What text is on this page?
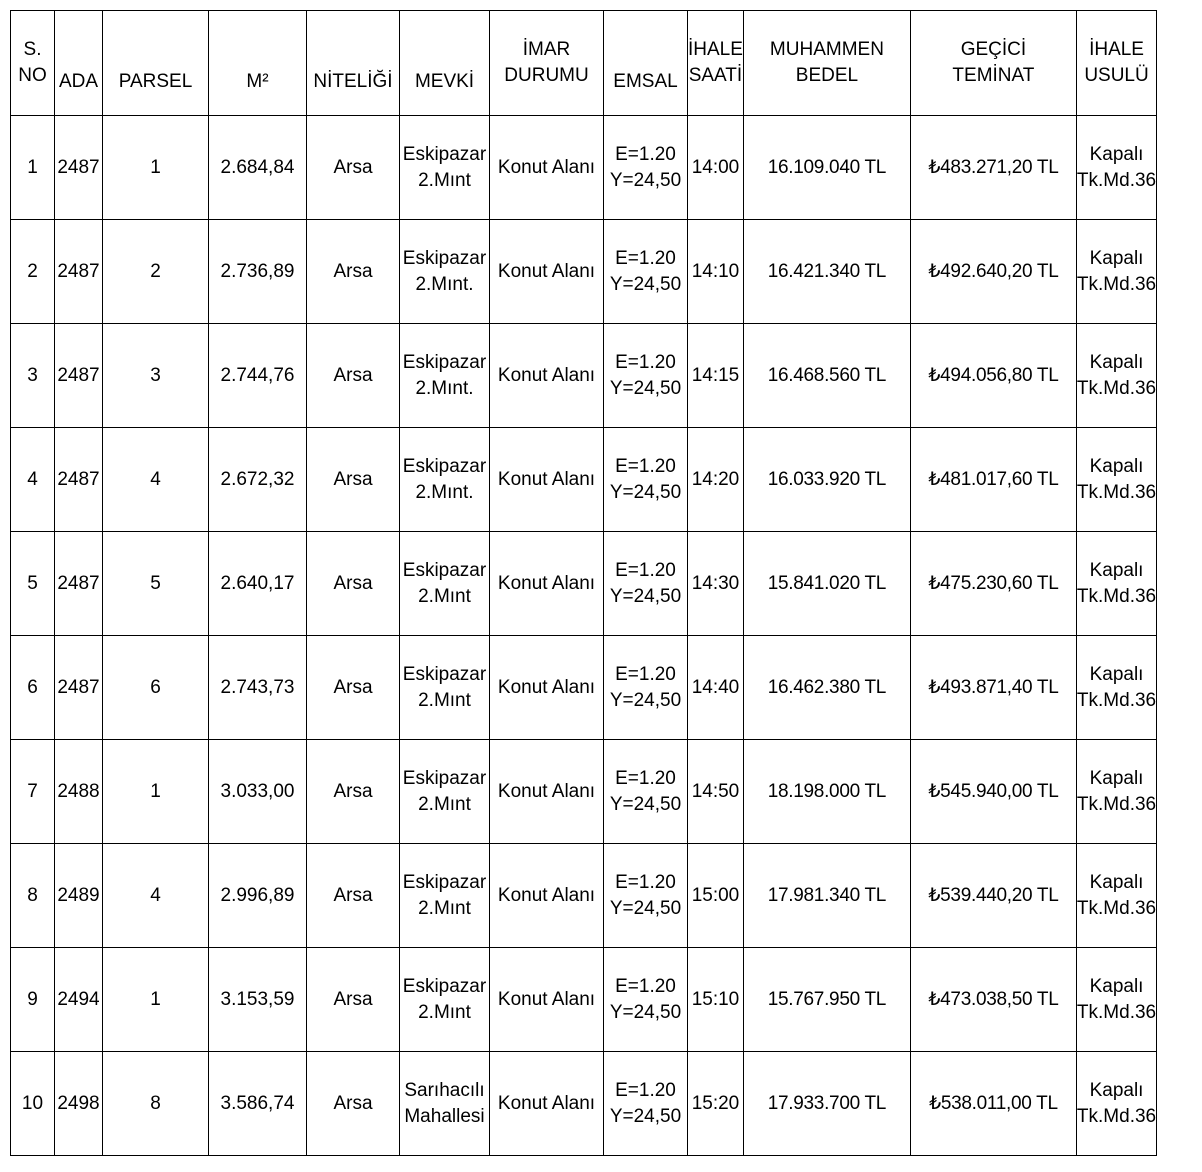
S.
NO	ADA	PARSEL	M²	NİTELİĞİ	MEVKİ	İMAR
DURUMU	EMSAL	İHALE
SAATİ	MUHAMMEN
BEDEL	GEÇİCİ
TEMİNAT	İHALE
USULÜ

1	2487	1	2.684,84	Arsa	Eskipazar
2.Mınt	Konut Alanı	E=1.20
Y=24,50	14:00	16.109.040 TL	₺483.271,20 TL	Kapalı
Tk.Md.36

2	2487	2	2.736,89	Arsa	Eskipazar
2.Mınt.	Konut Alanı	E=1.20
Y=24,50	14:10	16.421.340 TL	₺492.640,20 TL	Kapalı
Tk.Md.36

3	2487	3	2.744,76	Arsa	Eskipazar
2.Mınt.	Konut Alanı	E=1.20
Y=24,50	14:15	16.468.560 TL	₺494.056,80 TL	Kapalı
Tk.Md.36

4	2487	4	2.672,32	Arsa	Eskipazar
2.Mınt.	Konut Alanı	E=1.20
Y=24,50	14:20	16.033.920 TL	₺481.017,60 TL	Kapalı
Tk.Md.36

5	2487	5	2.640,17	Arsa	Eskipazar
2.Mınt	Konut Alanı	E=1.20
Y=24,50	14:30	15.841.020 TL	₺475.230,60 TL	Kapalı
Tk.Md.36

6	2487	6	2.743,73	Arsa	Eskipazar
2.Mınt	Konut Alanı	E=1.20
Y=24,50	14:40	16.462.380 TL	₺493.871,40 TL	Kapalı
Tk.Md.36

7	2488	1	3.033,00	Arsa	Eskipazar
2.Mınt	Konut Alanı	E=1.20
Y=24,50	14:50	18.198.000 TL	₺545.940,00 TL	Kapalı
Tk.Md.36

8	2489	4	2.996,89	Arsa	Eskipazar
2.Mınt	Konut Alanı	E=1.20
Y=24,50	15:00	17.981.340 TL	₺539.440,20 TL	Kapalı
Tk.Md.36

9	2494	1	3.153,59	Arsa	Eskipazar
2.Mınt	Konut Alanı	E=1.20
Y=24,50	15:10	15.767.950 TL	₺473.038,50 TL	Kapalı
Tk.Md.36

10	2498	8	3.586,74	Arsa	Sarıhacılı
Mahallesi	Konut Alanı	E=1.20
Y=24,50	15:20	17.933.700 TL	₺538.011,00 TL	Kapalı
Tk.Md.36
